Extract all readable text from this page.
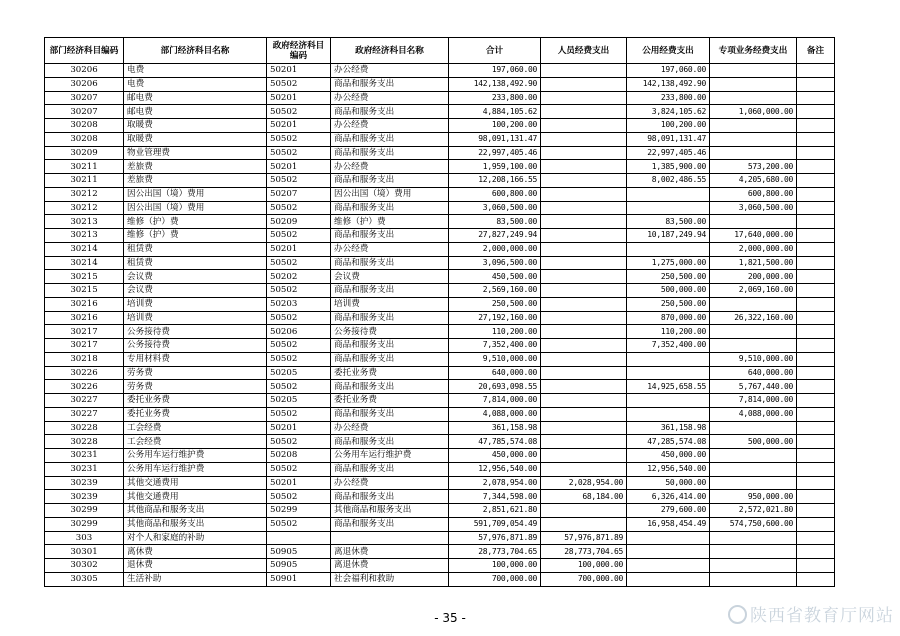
部门经济科目编码	部门经济科目名称	政府经济科目编码	政府经济科目名称	合计	人员经费支出	公用经费支出	专项业务经费支出	备注
30206	电费	50201	办公经费	197,060.00		197,060.00		
30206	电费	50502	商品和服务支出	142,138,492.90		142,138,492.90		
30207	邮电费	50201	办公经费	233,800.00		233,800.00		
30207	邮电费	50502	商品和服务支出	4,884,105.62		3,824,105.62	1,060,000.00	
30208	取暖费	50201	办公经费	100,200.00		100,200.00		
30208	取暖费	50502	商品和服务支出	98,091,131.47		98,091,131.47		
30209	物业管理费	50502	商品和服务支出	22,997,405.46		22,997,405.46		
30211	差旅费	50201	办公经费	1,959,100.00		1,385,900.00	573,200.00	
30211	差旅费	50502	商品和服务支出	12,208,166.55		8,002,486.55	4,205,680.00	
30212	因公出国（境）费用	50207	因公出国（境）费用	600,800.00			600,800.00	
30212	因公出国（境）费用	50502	商品和服务支出	3,060,500.00			3,060,500.00	
30213	维修（护）费	50209	维修（护）费	83,500.00		83,500.00		
30213	维修（护）费	50502	商品和服务支出	27,827,249.94		10,187,249.94	17,640,000.00	
30214	租赁费	50201	办公经费	2,000,000.00			2,000,000.00	
30214	租赁费	50502	商品和服务支出	3,096,500.00		1,275,000.00	1,821,500.00	
30215	会议费	50202	会议费	450,500.00		250,500.00	200,000.00	
30215	会议费	50502	商品和服务支出	2,569,160.00		500,000.00	2,069,160.00	
30216	培训费	50203	培训费	250,500.00		250,500.00		
30216	培训费	50502	商品和服务支出	27,192,160.00		870,000.00	26,322,160.00	
30217	公务接待费	50206	公务接待费	110,200.00		110,200.00		
30217	公务接待费	50502	商品和服务支出	7,352,400.00		7,352,400.00		
30218	专用材料费	50502	商品和服务支出	9,510,000.00			9,510,000.00	
30226	劳务费	50205	委托业务费	640,000.00			640,000.00	
30226	劳务费	50502	商品和服务支出	20,693,098.55		14,925,658.55	5,767,440.00	
30227	委托业务费	50205	委托业务费	7,814,000.00			7,814,000.00	
30227	委托业务费	50502	商品和服务支出	4,088,000.00			4,088,000.00	
30228	工会经费	50201	办公经费	361,158.98		361,158.98		
30228	工会经费	50502	商品和服务支出	47,785,574.08		47,285,574.08	500,000.00	
30231	公务用车运行维护费	50208	公务用车运行维护费	450,000.00		450,000.00		
30231	公务用车运行维护费	50502	商品和服务支出	12,956,540.00		12,956,540.00		
30239	其他交通费用	50201	办公经费	2,078,954.00	2,028,954.00	50,000.00		
30239	其他交通费用	50502	商品和服务支出	7,344,598.00	68,184.00	6,326,414.00	950,000.00	
30299	其他商品和服务支出	50299	其他商品和服务支出	2,851,621.80		279,600.00	2,572,021.80	
30299	其他商品和服务支出	50502	商品和服务支出	591,709,054.49		16,958,454.49	574,750,600.00	
303	对个人和家庭的补助			57,976,871.89	57,976,871.89			
30301	离休费	50905	离退休费	28,773,704.65	28,773,704.65			
30302	退休费	50905	离退休费	100,000.00	100,000.00			
30305	生活补助	50901	社会福利和救助	700,000.00	700,000.00			
- 35 -	陕西省教育厅网站
